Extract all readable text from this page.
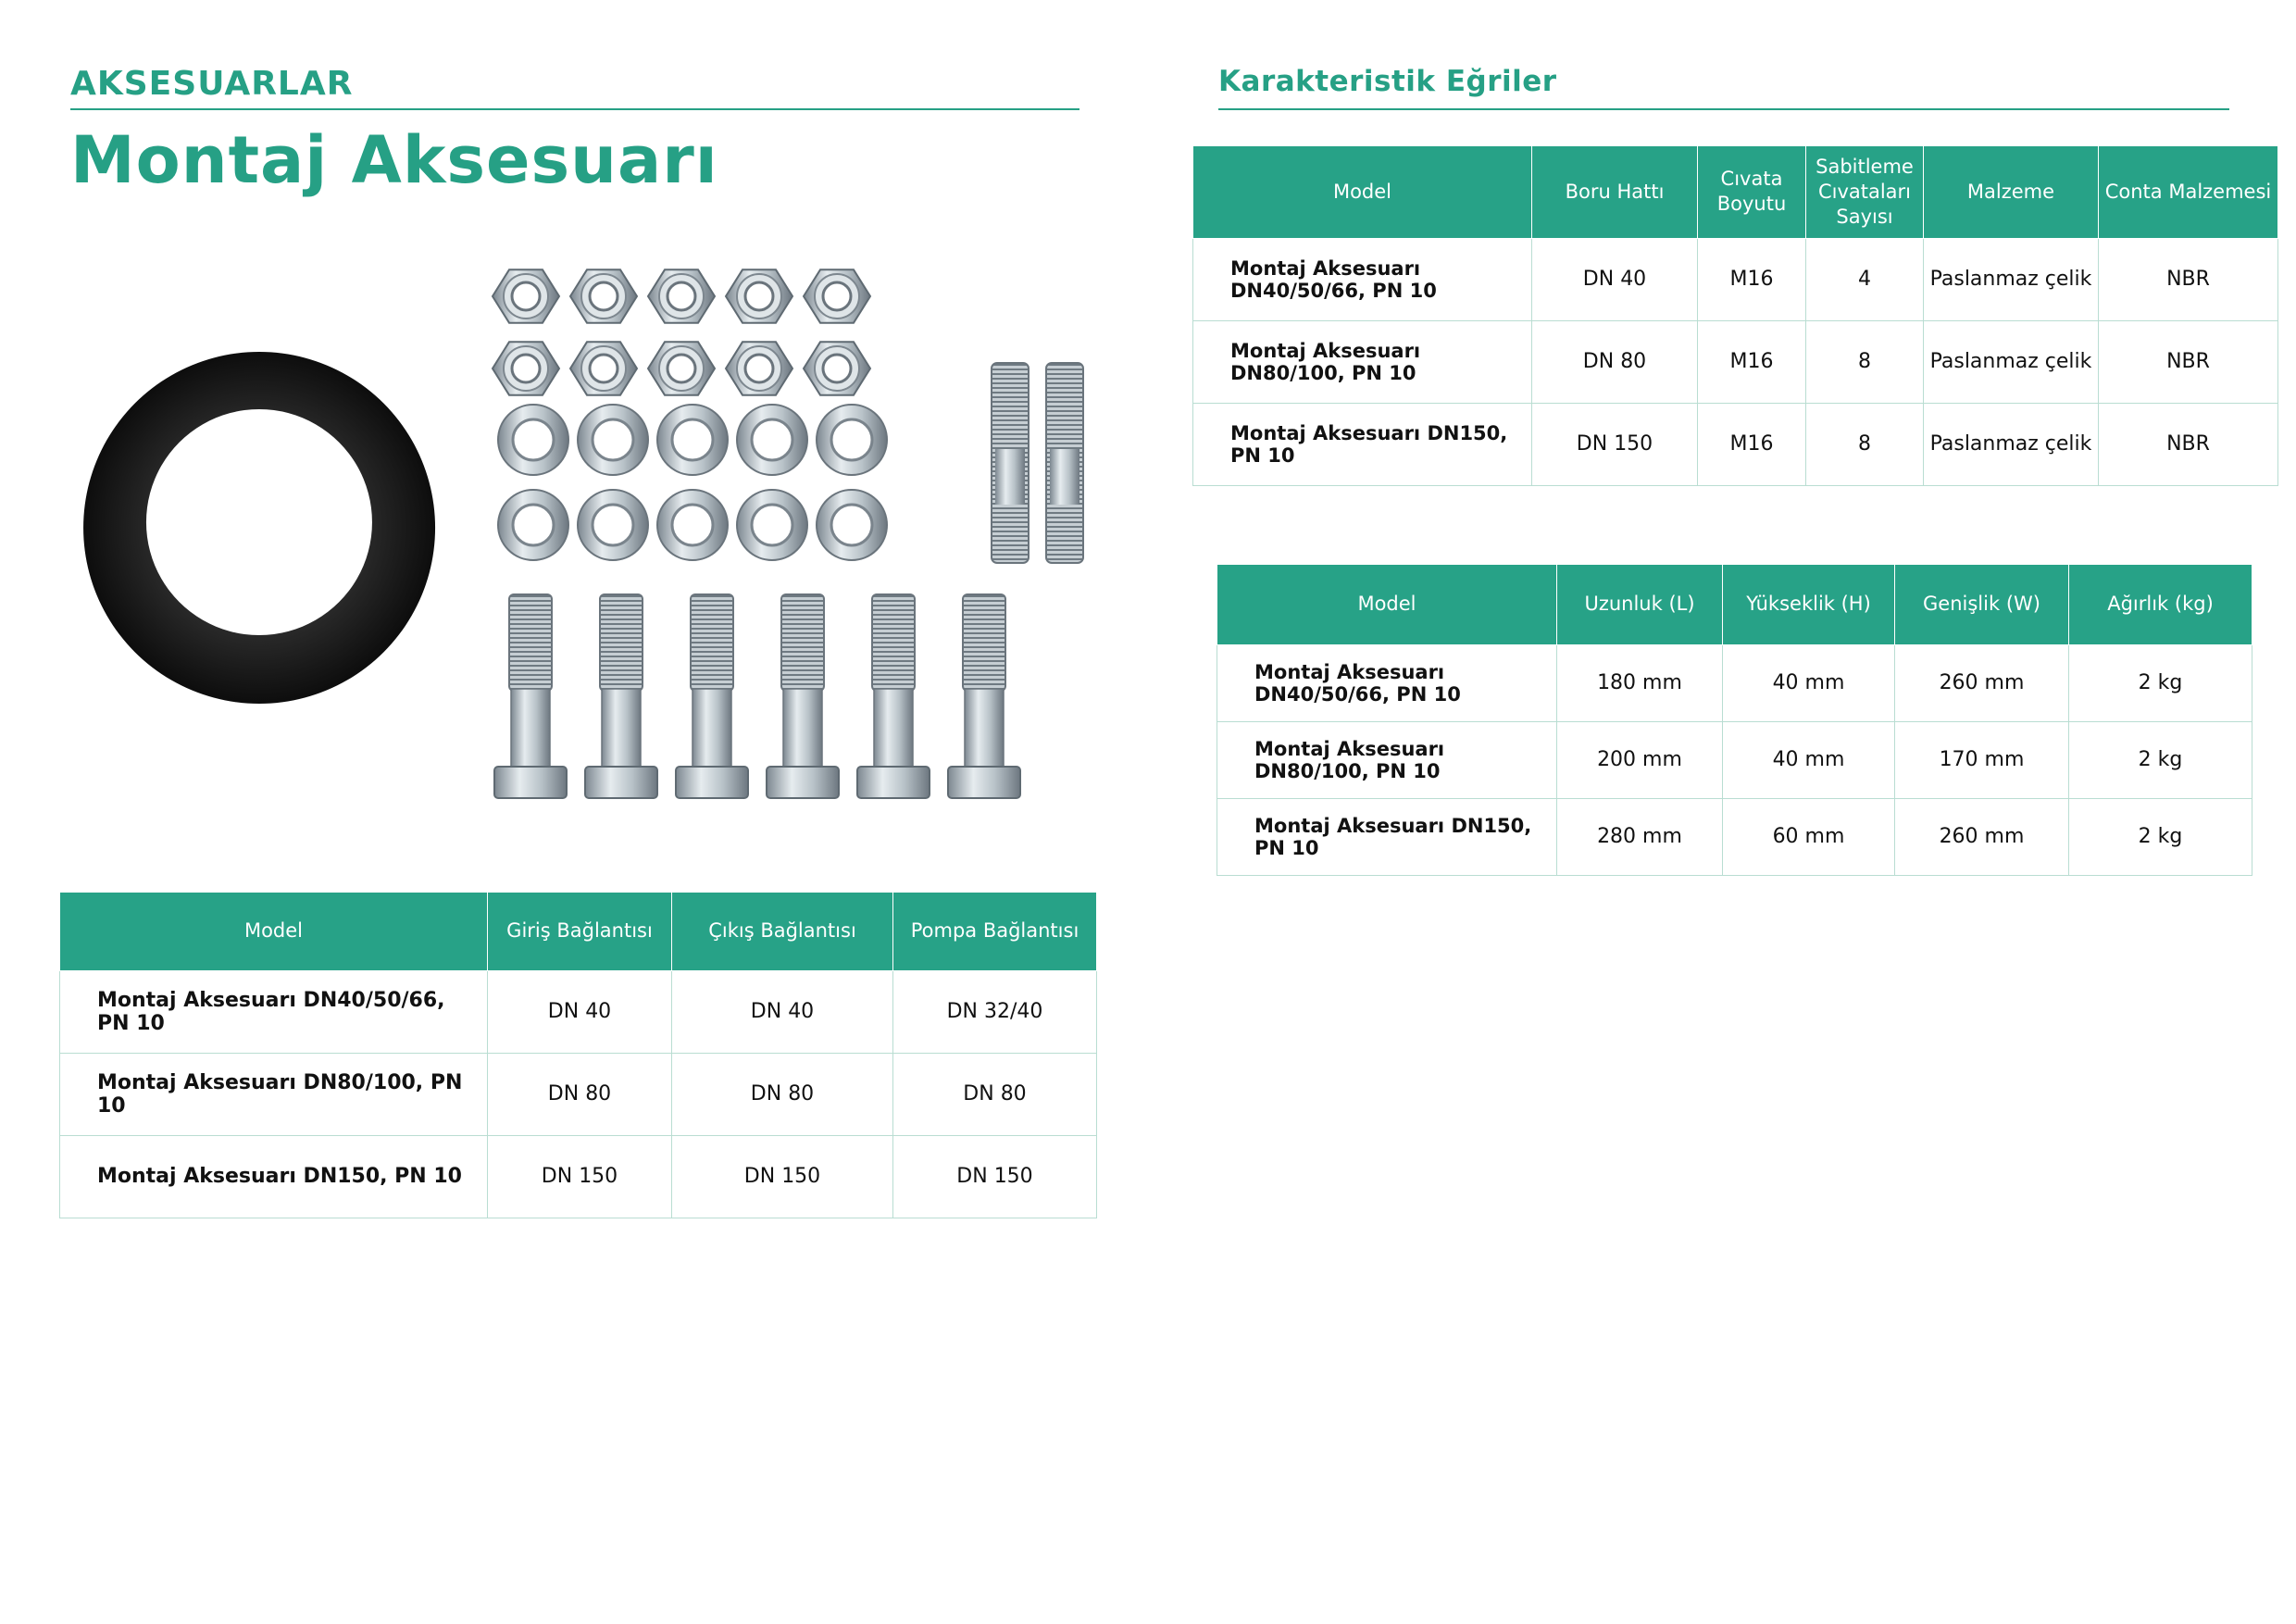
AKSESUARLAR
Montaj Aksesuarı
Karakteristik Eğriler
Model	Giriş Bağlantısı	Çıkış Bağlantısı	Pompa Bağlantısı
Montaj Aksesuarı DN40/50/66, PN 10	DN 40	DN 40	DN 32/40
Montaj Aksesuarı DN80/100, PN 10	DN 80	DN 80	DN 80
Montaj Aksesuarı DN150, PN 10	DN 150	DN 150	DN 150
Model	Boru Hattı	Cıvata Boyutu	Sabitleme Cıvataları Sayısı	Malzeme	Conta Malzemesi
Montaj Aksesuarı DN40/50/66, PN 10	DN 40	M16	4	Paslanmaz çelik	NBR
Montaj Aksesuarı DN80/100, PN 10	DN 80	M16	8	Paslanmaz çelik	NBR
Montaj Aksesuarı DN150, PN 10	DN 150	M16	8	Paslanmaz çelik	NBR
Model	Uzunluk (L)	Yükseklik (H)	Genişlik (W)	Ağırlık (kg)
Montaj Aksesuarı DN40/50/66, PN 10	180 mm	40 mm	260 mm	2 kg
Montaj Aksesuarı DN80/100, PN 10	200 mm	40 mm	170 mm	2 kg
Montaj Aksesuarı DN150, PN 10	280 mm	60 mm	260 mm	2 kg
